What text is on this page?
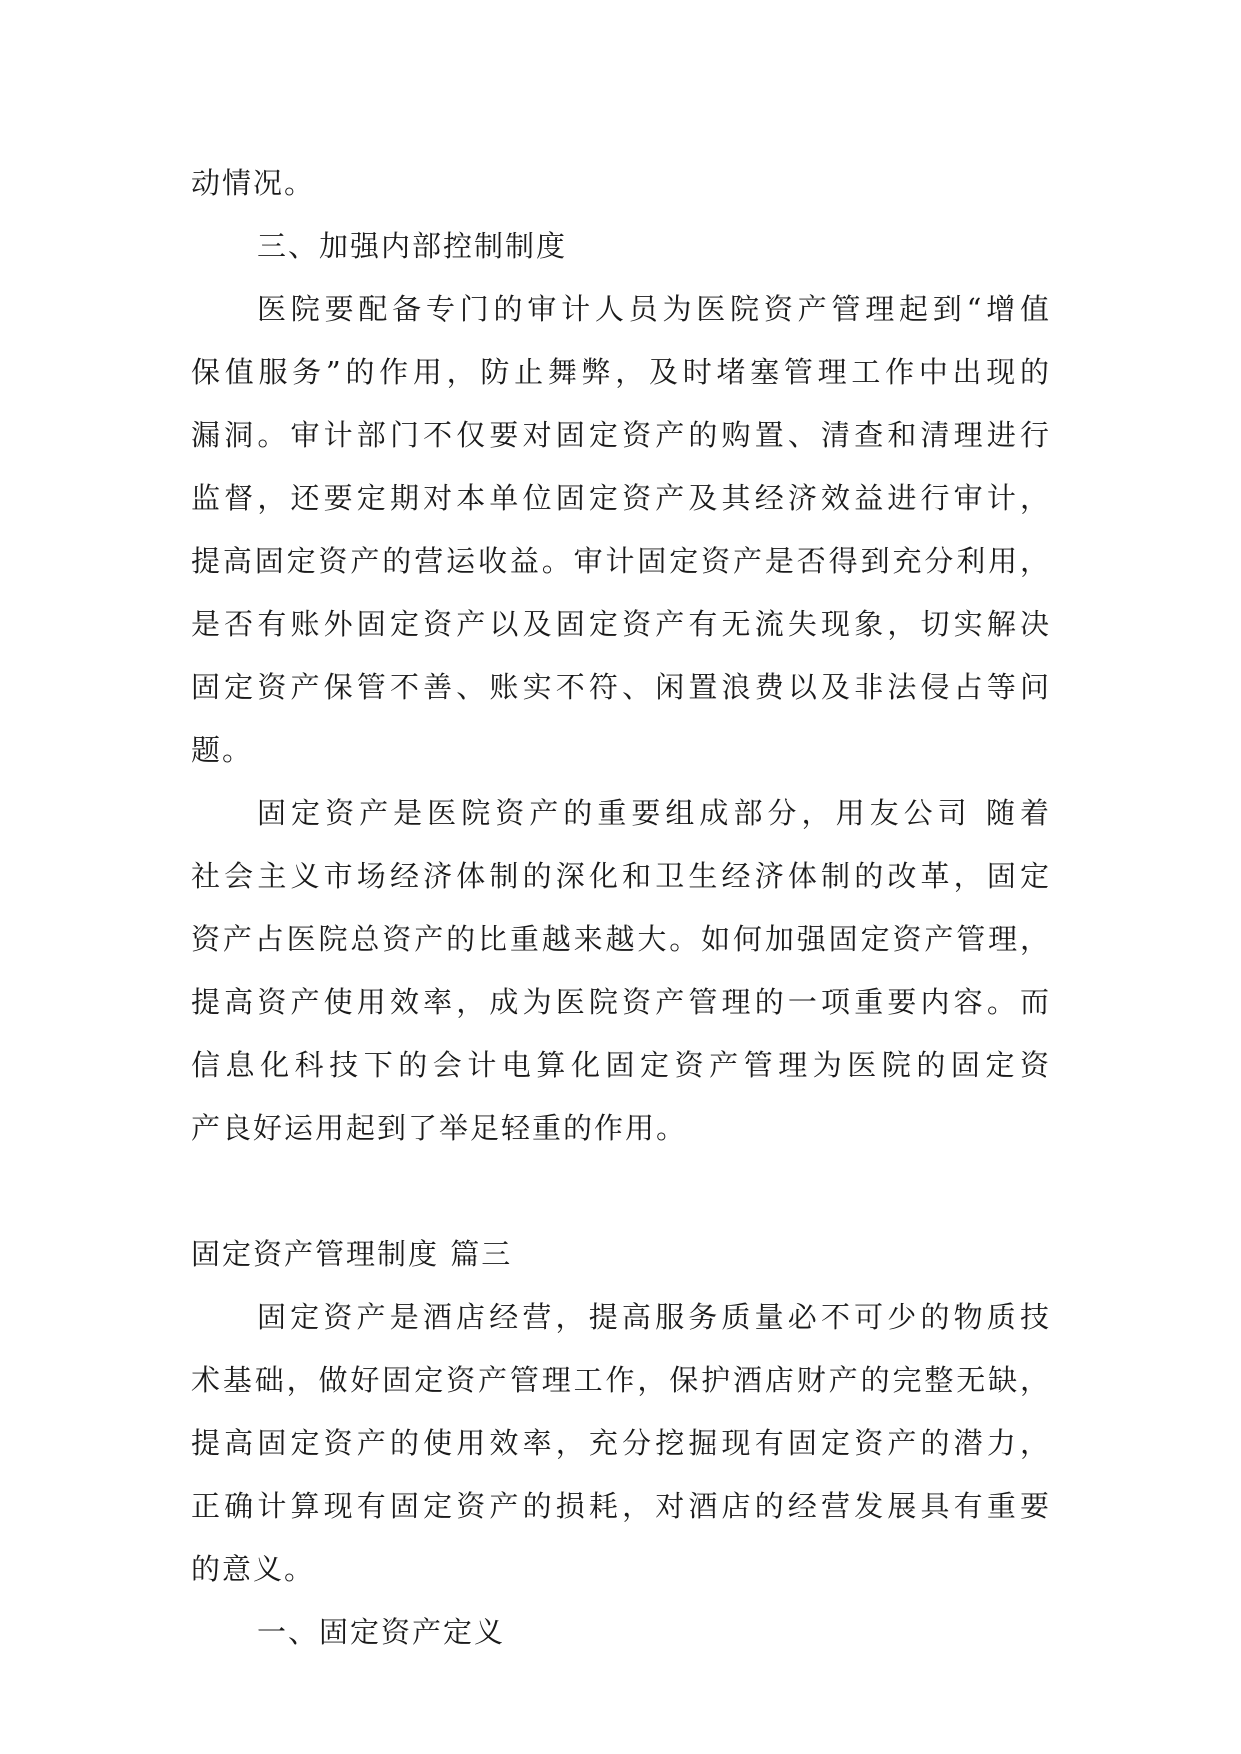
动情况。
三、加强内部控制制度
医院要配备专门的审计人员为医院资产管理起到“增值
保值服务”的作用，防止舞弊，及时堵塞管理工作中出现的
漏洞。审计部门不仅要对固定资产的购置、清查和清理进行
监督，还要定期对本单位固定资产及其经济效益进行审计，
提高固定资产的营运收益。审计固定资产是否得到充分利用，
是否有账外固定资产以及固定资产有无流失现象，切实解决
固定资产保管不善、账实不符、闲置浪费以及非法侵占等问
题。
固定资产是医院资产的重要组成部分，用友公司 随着
社会主义市场经济体制的深化和卫生经济体制的改革，固定
资产占医院总资产的比重越来越大。如何加强固定资产管理，
提高资产使用效率，成为医院资产管理的一项重要内容。而
信息化科技下的会计电算化固定资产管理为医院的固定资
产良好运用起到了举足轻重的作用。
固定资产管理制度 篇三
固定资产是酒店经营，提高服务质量必不可少的物质技
术基础，做好固定资产管理工作，保护酒店财产的完整无缺，
提高固定资产的使用效率，充分挖掘现有固定资产的潜力，
正确计算现有固定资产的损耗，对酒店的经营发展具有重要
的意义。
一、固定资产定义
